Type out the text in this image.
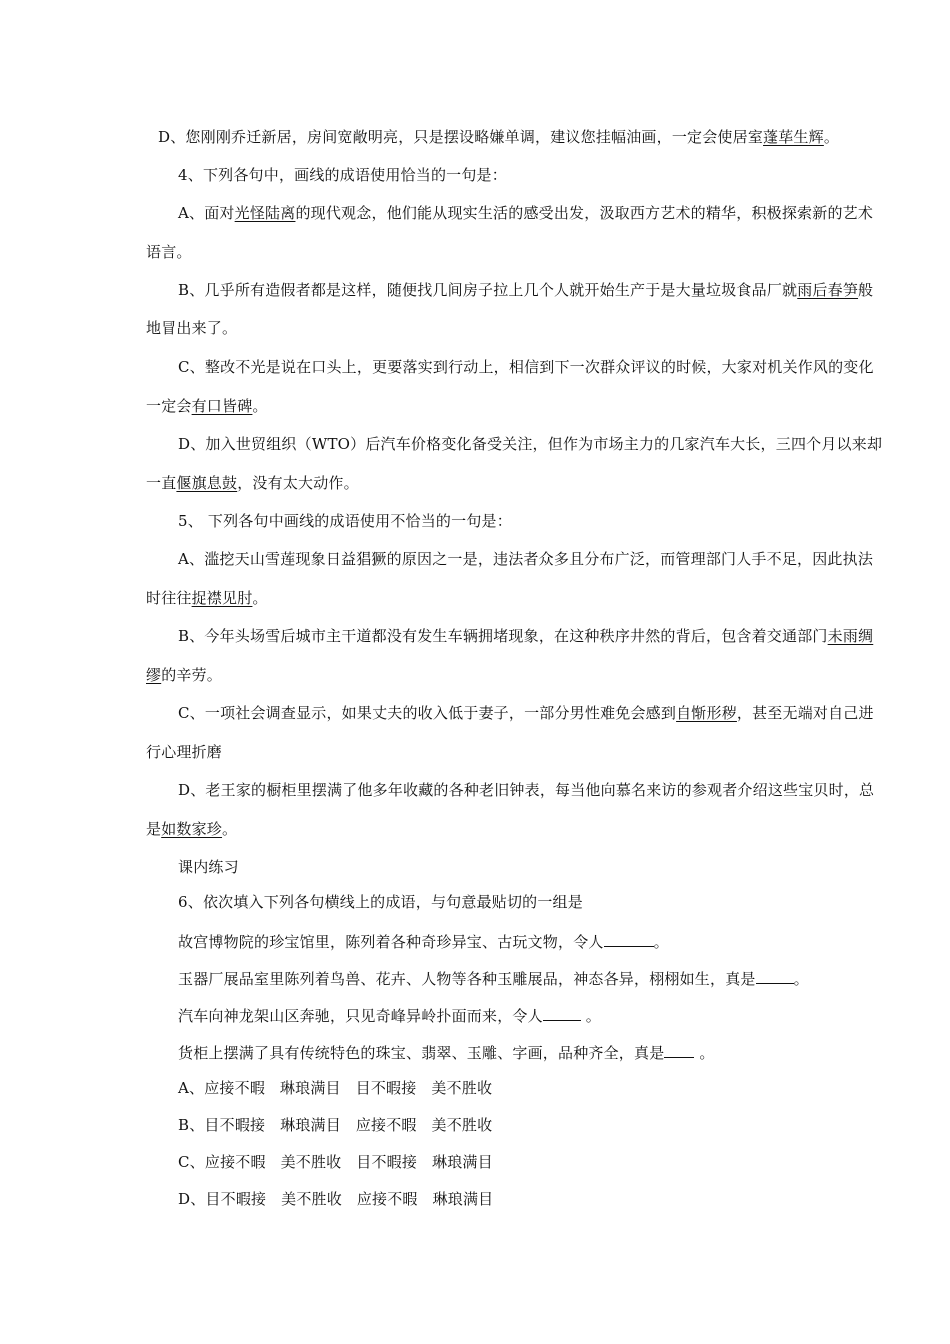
D、您刚刚乔迁新居，房间宽敞明亮，只是摆设略嫌单调，建议您挂幅油画，一定会使居室蓬荜生辉。
4、下列各句中，画线的成语使用恰当的一句是：
A、面对光怪陆离的现代观念，他们能从现实生活的感受出发，汲取西方艺术的精华，积极探索新的艺术
语言。
B、几乎所有造假者都是这样，随便找几间房子拉上几个人就开始生产于是大量垃圾食品厂就雨后春笋般
地冒出来了。
C、整改不光是说在口头上，更要落实到行动上，相信到下一次群众评议的时候，大家对机关作风的变化
一定会有口皆碑。
D、加入世贸组织（WTO）后汽车价格变化备受关注，但作为市场主力的几家汽车大长，三四个月以来却
一直偃旗息鼓，没有太大动作。
5、 下列各句中画线的成语使用不恰当的一句是：
A、滥挖天山雪莲现象日益猖獗的原因之一是，违法者众多且分布广泛，而管理部门人手不足，因此执法
时往往捉襟见肘。
B、今年头场雪后城市主干道都没有发生车辆拥堵现象，在这种秩序井然的背后，包含着交通部门未雨绸
缪的辛劳。
C、一项社会调查显示，如果丈夫的收入低于妻子，一部分男性难免会感到自惭形秽，甚至无端对自己进
行心理折磨
D、老王家的橱柜里摆满了他多年收藏的各种老旧钟表，每当他向慕名来访的参观者介绍这些宝贝时，总
是如数家珍。
课内练习
6、依次填入下列各句横线上的成语，与句意最贴切的一组是
故宫博物院的珍宝馆里，陈列着各种奇珍异宝、古玩文物，令人	。
玉器厂展品室里陈列着鸟兽、花卉、人物等各种玉雕展品，神态各异，栩栩如生，真是	。
汽车向神龙架山区奔驰，只见奇峰异岭扑面而来，令人	。
货柜上摆满了具有传统特色的珠宝、翡翠、玉雕、字画，品种齐全，真是 。
A、应接不暇   琳琅满目   目不暇接   美不胜收
B、目不暇接   琳琅满目   应接不暇   美不胜收
C、应接不暇   美不胜收   目不暇接   琳琅满目
D、目不暇接   美不胜收   应接不暇   琳琅满目
